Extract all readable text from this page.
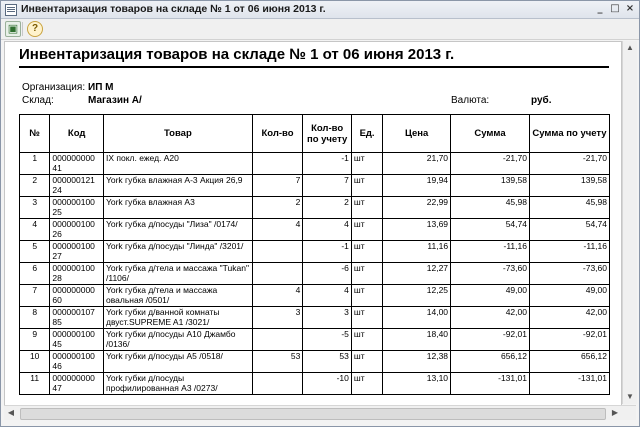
Инвентаризация товаров на складе № 1 от 06 июня 2013 г.	_ □ ×
▣	?
Инвентаризация товаров на складе № 1 от 06 июня 2013 г.
Организация: ИП М
Склад:	Магазин А/	Валюта:	руб.
№	Код	Товар	Кол-во	Кол-во по учету	Ед.	Цена	Сумма	Сумма по учету
1	000000000 41	IX покл. ежед. A20		-1	шт	21,70	-21,70	-21,70
2	000000121 24	York губка влажная А-3 Акция 26,9	7	7	шт	19,94	139,58	139,58
3	000000100 25	York губка влажная А3	2	2	шт	22,99	45,98	45,98
4	000000100 26	York губка д/посуды "Лиза" /0174/	4	4	шт	13,69	54,74	54,74
5	000000100 27	York губка д/посуды "Линда" /3201/		-1	шт	11,16	-11,16	-11,16
6	000000100 28	York губка д/тела и массажа "Tukan" /1106/		-6	шт	12,27	-73,60	-73,60
7	000000000 60	York губка д/тела и массажа овальная /0501/	4	4	шт	12,25	49,00	49,00
8	000000107 85	York губки д/ванной комнаты двуст.SUPREME A1 /3021/	3	3	шт	14,00	42,00	42,00
9	000000100 45	York губки д/посуды A10 Джамбо /0136/		-5	шт	18,40	-92,01	-92,01
10	000000100 46	York губки д/посуды A5 /0518/	53	53	шт	12,38	656,12	656,12
11	000000000 47	York губки д/посуды профилированная A3 /0273/		-10	шт	13,10	-131,01	-131,01
▲
▼
◀	▶
